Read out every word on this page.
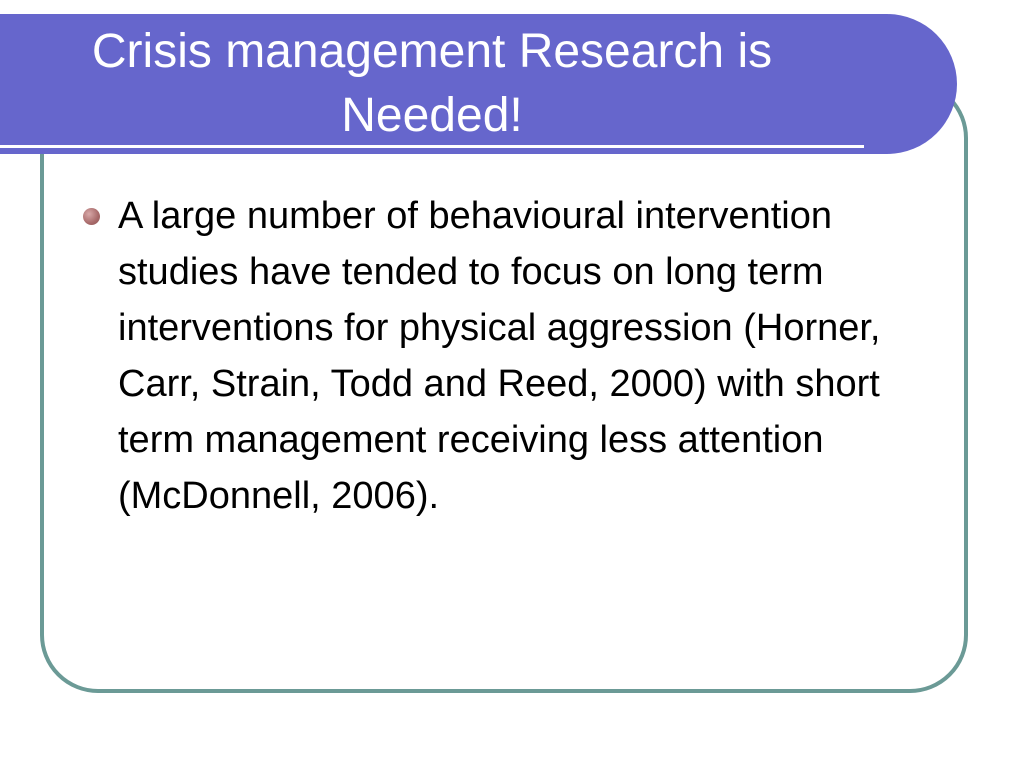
Crisis management Research is
Needed!
A large number of behavioural intervention studies have tended to focus on long term interventions for physical aggression (Horner, Carr, Strain, Todd and Reed, 2000) with short term management receiving less attention (McDonnell, 2006).
